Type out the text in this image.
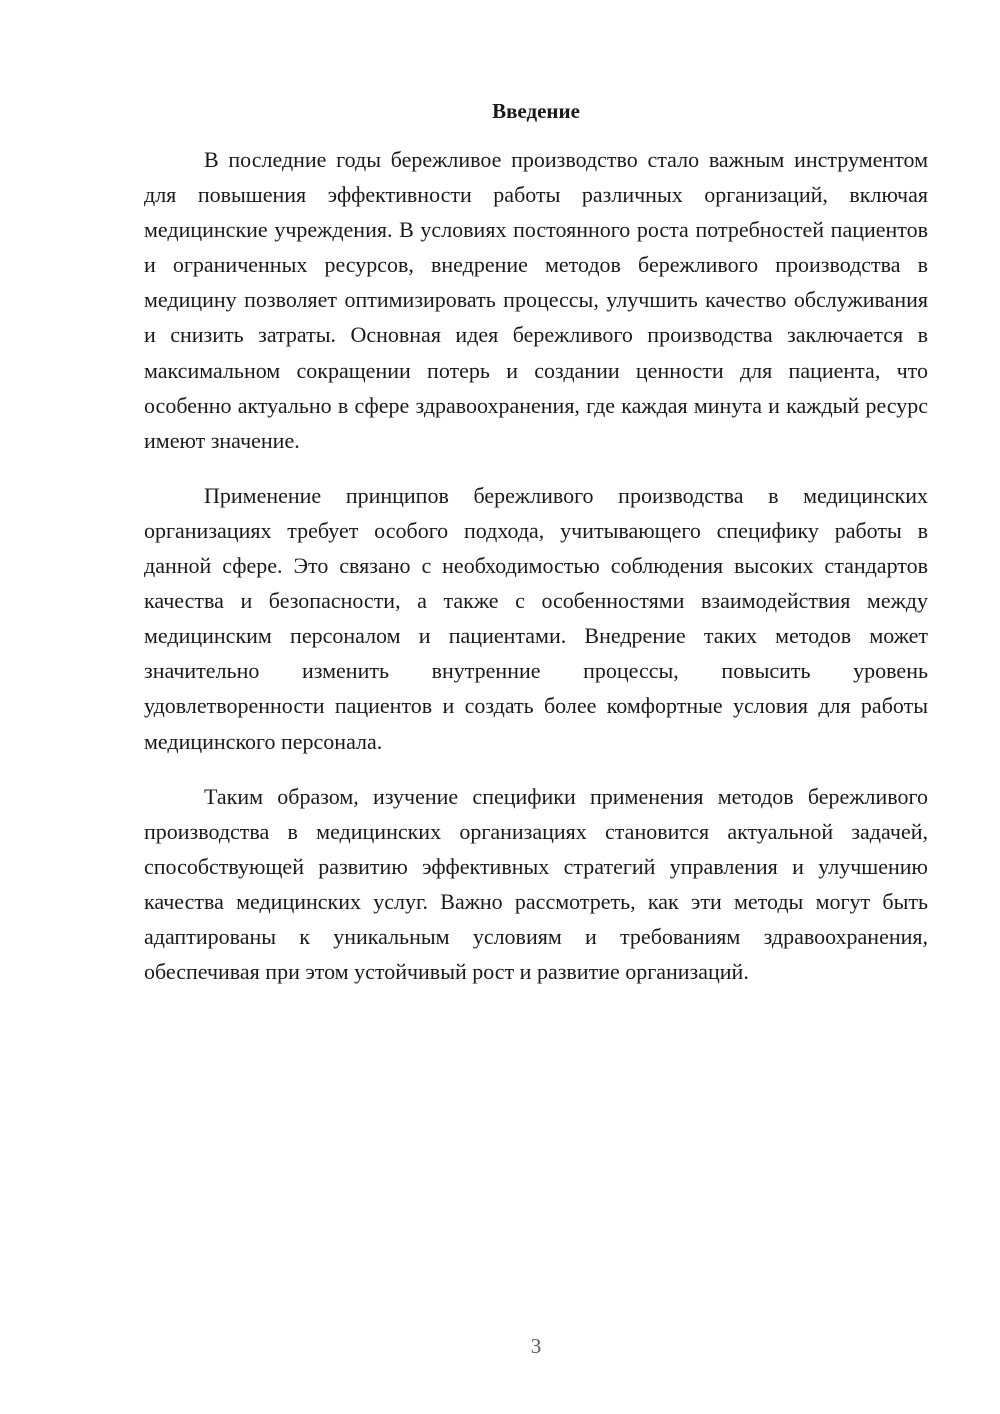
Введение

В последние годы бережливое производство стало важным инструментом для повышения эффективности работы различных организаций, включая медицинские учреждения. В условиях постоянного роста потребностей пациентов и ограниченных ресурсов, внедрение методов бережливого производства в медицину позволяет оптимизировать процессы, улучшить качество обслуживания и снизить затраты. Основная идея бережливого производства заключается в максимальном сокращении потерь и создании ценности для пациента, что особенно актуально в сфере здравоохранения, где каждая минута и каждый ресурс имеют значение.

Применение принципов бережливого производства в медицинских организациях требует особого подхода, учитывающего специфику работы в данной сфере. Это связано с необходимостью соблюдения высоких стандартов качества и безопасности, а также с особенностями взаимодействия между медицинским персоналом и пациентами. Внедрение таких методов может значительно изменить внутренние процессы, повысить уровень удовлетворенности пациентов и создать более комфортные условия для работы медицинского персонала.

Таким образом, изучение специфики применения методов бережливого производства в медицинских организациях становится актуальной задачей, способствующей развитию эффективных стратегий управления и улучшению качества медицинских услуг. Важно рассмотреть, как эти методы могут быть адаптированы к уникальным условиям и требованиям здравоохранения, обеспечивая при этом устойчивый рост и развитие организаций.

3
